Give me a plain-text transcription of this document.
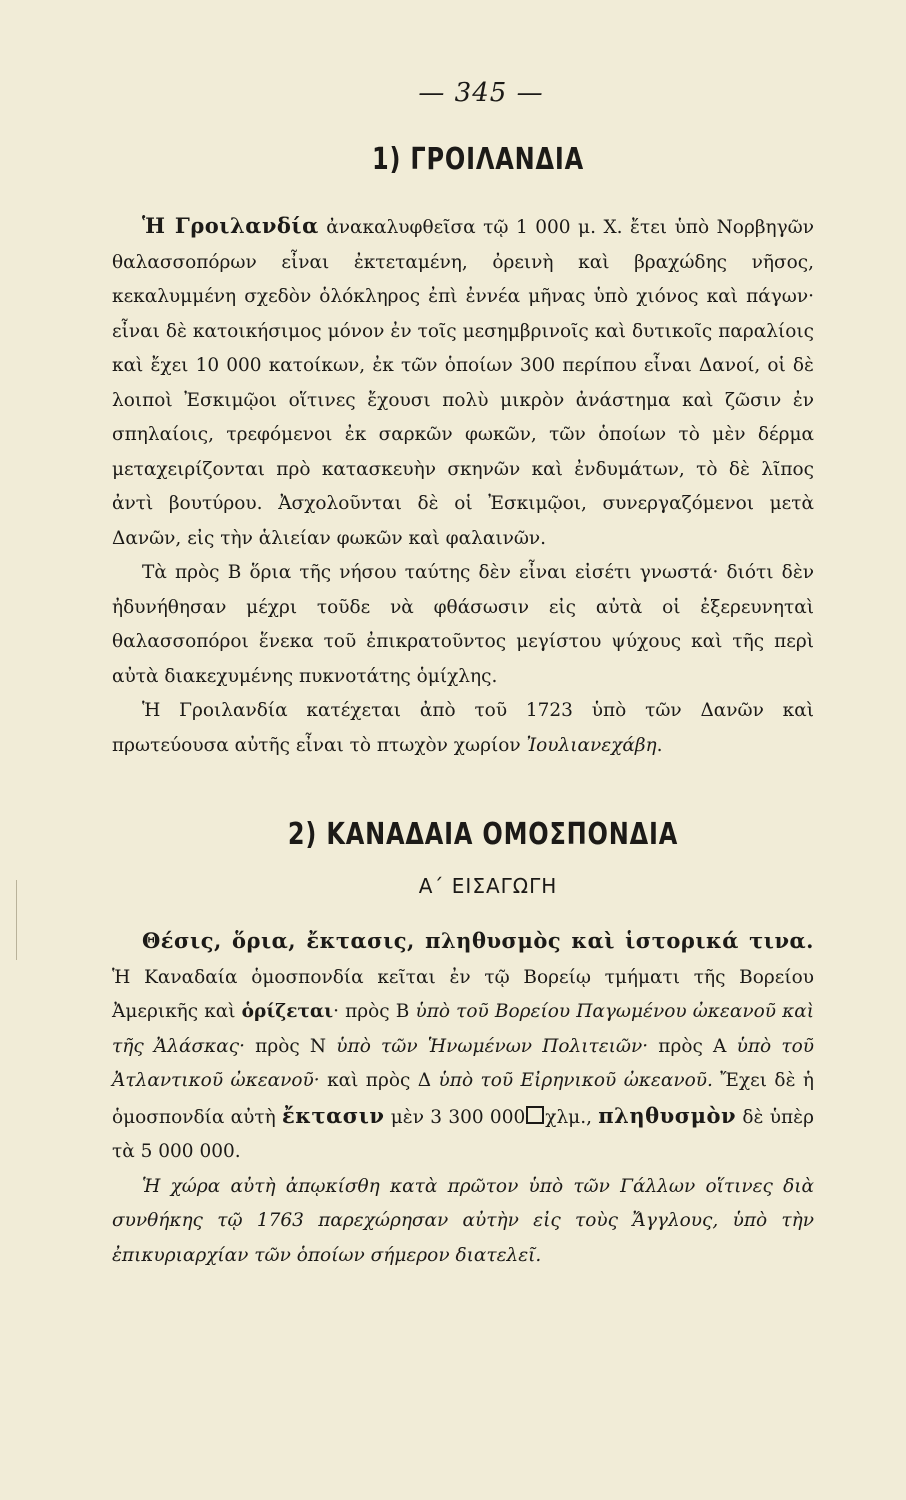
— 345 —
1) ΓΡΟΙΛΑΝΔΙΑ

Ἡ Γροιλανδία ἀνακαλυφθεῖσα τῷ 1 000 μ. Χ. ἔτει ὑπὸ Νορβηγῶν θαλασσοπόρων εἶναι ἐκτεταμένη, ὀρεινὴ καὶ βραχώδης νῆσος, κεκαλυμμένη σχεδὸν ὁλόκληρος ἐπὶ ἐννέα μῆνας ὑπὸ χιόνος καὶ πάγων· εἶναι δὲ κατοικήσιμος μόνον ἐν τοῖς μεσημβρινοῖς καὶ δυτικοῖς παραλίοις καὶ ἔχει 10 000 κατοίκων, ἐκ τῶν ὁποίων 300 περίπου εἶναι Δανοί, οἱ δὲ λοιποὶ Ἐσκιμῷοι οἵτινες ἔχουσι πολὺ μικρὸν ἀνάστημα καὶ ζῶσιν ἐν σπηλαίοις, τρεφόμενοι ἐκ σαρκῶν φωκῶν, τῶν ὁποίων τὸ μὲν δέρμα μεταχειρίζονται πρὸ κατασκευὴν σκηνῶν καὶ ἐνδυμάτων, τὸ δὲ λῖπος ἀντὶ βουτύρου. Ἀσχολοῦνται δὲ οἱ Ἐσκιμῷοι, συνεργαζόμενοι μετὰ Δανῶν, εἰς τὴν ἁλιείαν φωκῶν καὶ φαλαινῶν.

Τὰ πρὸς Β ὅρια τῆς νήσου ταύτης δὲν εἶναι εἰσέτι γνωστά· διότι δὲν ἠδυνήθησαν μέχρι τοῦδε νὰ φθάσωσιν εἰς αὐτὰ οἱ ἐξερευνηταὶ θαλασσοπόροι ἕνεκα τοῦ ἐπικρατοῦντος μεγίστου ψύχους καὶ τῆς περὶ αὐτὰ διακεχυμένης πυκνοτάτης ὁμίχλης.

Ἡ Γροιλανδία κατέχεται ἀπὸ τοῦ 1723 ὑπὸ τῶν Δανῶν καὶ πρωτεύουσα αὐτῆς εἶναι τὸ πτωχὸν χωρίον Ἰουλιανεχάβη.

2) ΚΑΝΑΔΑΙΑ ΟΜΟΣΠΟΝΔΙΑ
Α΄ ΕΙΣΑΓΩΓΗ

Θέσις, ὅρια, ἔκτασις, πληθυσμὸς καὶ ἱστορικά τινα. Ἡ Καναδαία ὁμοσπονδία κεῖται ἐν τῷ Βορείῳ τμήματι τῆς Βορείου Ἀμερικῆς καὶ ὁρίζεται· πρὸς Β ὑπὸ τοῦ Βορείου Παγωμένου ὠκεανοῦ καὶ τῆς Ἀλάσκας· πρὸς Ν ὑπὸ τῶν Ἡνωμένων Πολιτειῶν· πρὸς Α ὑπὸ τοῦ Ἀτλαντικοῦ ὠκεανοῦ· καὶ πρὸς Δ ὑπὸ τοῦ Εἰρηνικοῦ ὠκεανοῦ. Ἔχει δὲ ἡ ὁμοσπονδία αὐτὴ ἔκτασιν μὲν 3 300 000 χλμ., πληθυσμὸν δὲ ὑπὲρ τὰ 5 000 000.

Ἡ χώρα αὐτὴ ἀπῳκίσθη κατὰ πρῶτον ὑπὸ τῶν Γάλλων οἵτινες διὰ συνθήκης τῷ 1763 παρεχώρησαν αὐτὴν εἰς τοὺς Ἄγγλους, ὑπὸ τὴν ἐπικυριαρχίαν τῶν ὁποίων σήμερον διατελεῖ.
